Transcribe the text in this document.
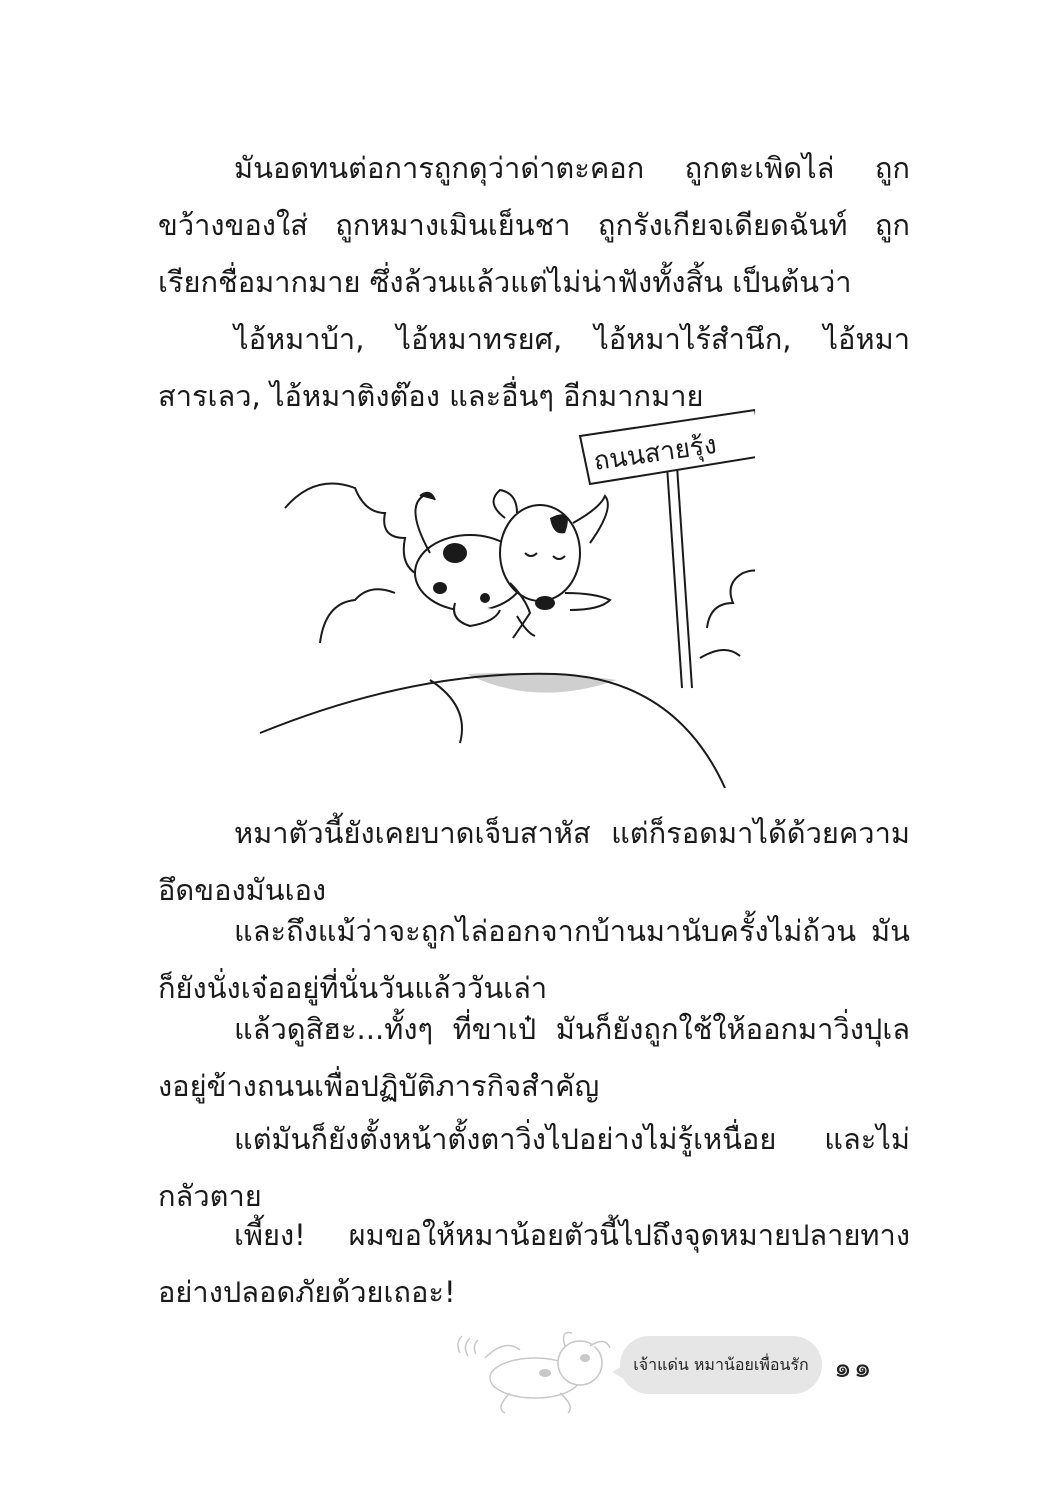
มันอดทนต่อการถูกดุว่าด่าตะคอก ถูกตะเพิดไล่ ถูกขว้างของใส่ ถูกหมางเมินเย็นชา ถูกรังเกียจเดียดฉันท์ ถูกเรียกชื่อมากมาย ซึ่งล้วนแล้วแต่ไม่น่าฟังทั้งสิ้น เป็นต้นว่า
ไอ้หมาบ้า, ไอ้หมาทรยศ, ไอ้หมาไร้สำนึก, ไอ้หมาสารเลว, ไอ้หมาติงต๊อง และอื่นๆ อีกมากมาย
ถนนสายรุ้ง
หมาตัวนี้ยังเคยบาดเจ็บสาหัส แต่ก็รอดมาได้ด้วยความอึดของมันเอง
และถึงแม้ว่าจะถูกไล่ออกจากบ้านมานับครั้งไม่ถ้วน มันก็ยังนั่งเจ๋ออยู่ที่นั่นวันแล้ววันเล่า
แล้วดูสิฮะ...ทั้งๆ ที่ขาเป๋ มันก็ยังถูกใช้ให้ออกมาวิ่งปุเลงอยู่ข้างถนนเพื่อปฏิบัติภารกิจสำคัญ
แต่มันก็ยังตั้งหน้าตั้งตาวิ่งไปอย่างไม่รู้เหนื่อย และไม่กลัวตาย
เพี้ยง! ผมขอให้หมาน้อยตัวนี้ไปถึงจุดหมายปลายทางอย่างปลอดภัยด้วยเถอะ!
เจ้าแด่น หมาน้อยเพื่อนรัก ๑๑
